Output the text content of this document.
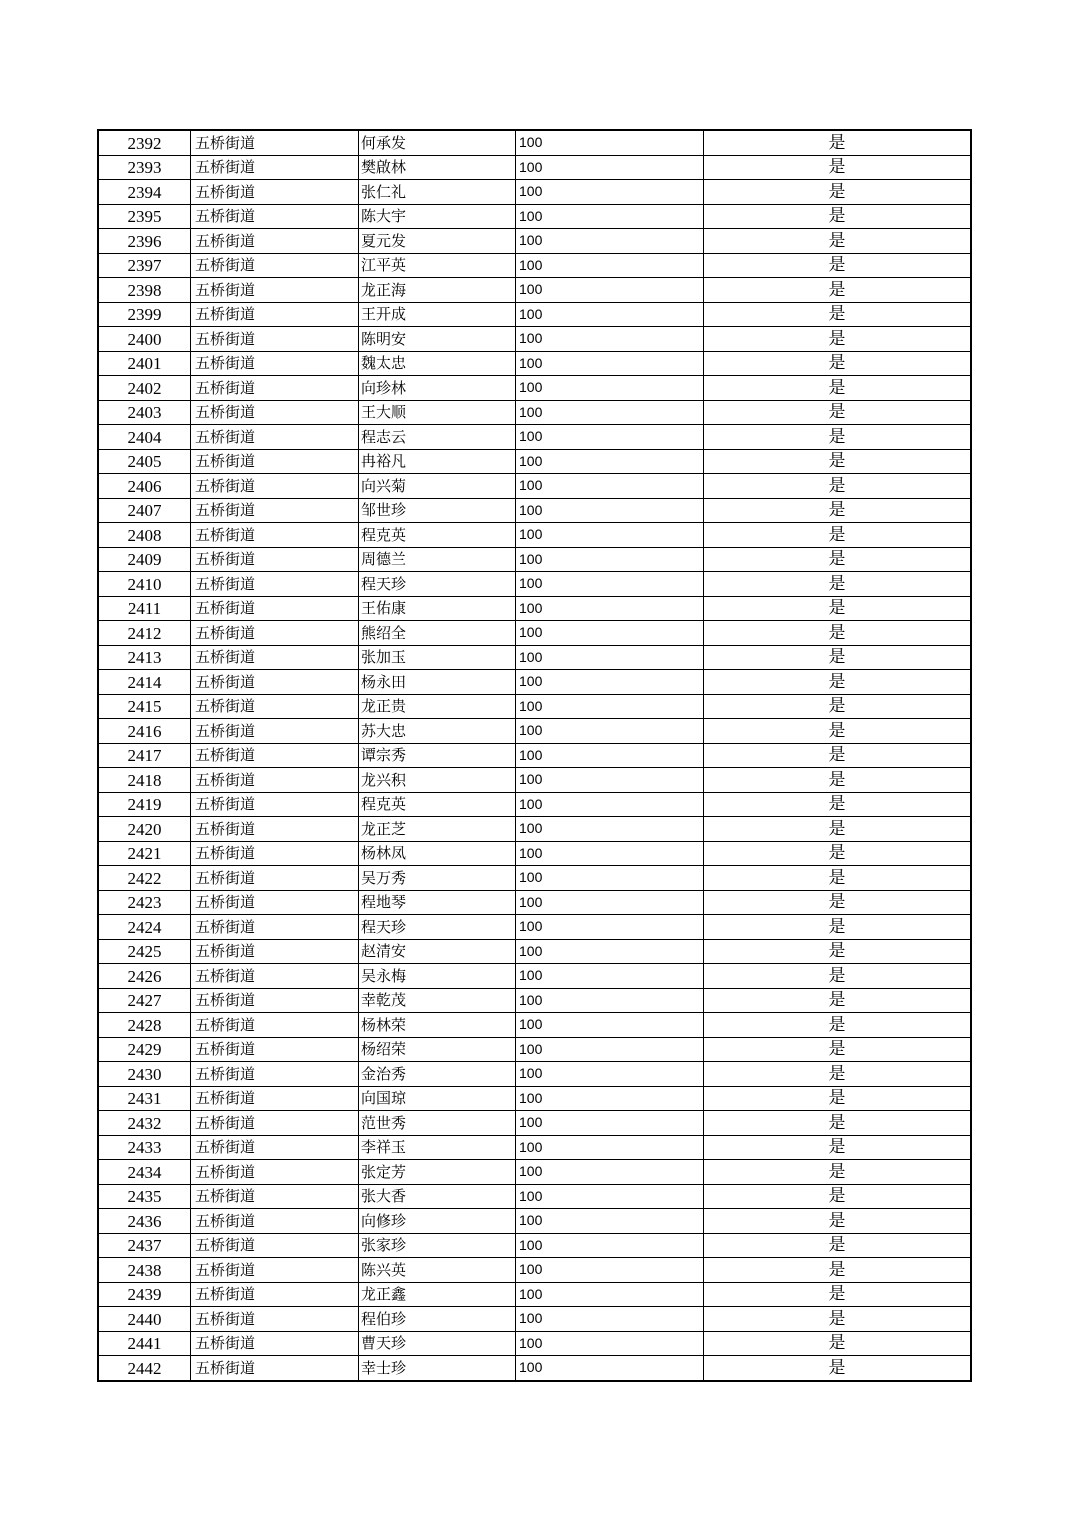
2392	五桥街道	何承发	100	是
2393	五桥街道	樊啟林	100	是
2394	五桥街道	张仁礼	100	是
2395	五桥街道	陈大宇	100	是
2396	五桥街道	夏元发	100	是
2397	五桥街道	江平英	100	是
2398	五桥街道	龙正海	100	是
2399	五桥街道	王开成	100	是
2400	五桥街道	陈明安	100	是
2401	五桥街道	魏太忠	100	是
2402	五桥街道	向珍林	100	是
2403	五桥街道	王大顺	100	是
2404	五桥街道	程志云	100	是
2405	五桥街道	冉裕凡	100	是
2406	五桥街道	向兴菊	100	是
2407	五桥街道	邹世珍	100	是
2408	五桥街道	程克英	100	是
2409	五桥街道	周德兰	100	是
2410	五桥街道	程天珍	100	是
2411	五桥街道	王佑康	100	是
2412	五桥街道	熊绍全	100	是
2413	五桥街道	张加玉	100	是
2414	五桥街道	杨永田	100	是
2415	五桥街道	龙正贵	100	是
2416	五桥街道	苏大忠	100	是
2417	五桥街道	谭宗秀	100	是
2418	五桥街道	龙兴积	100	是
2419	五桥街道	程克英	100	是
2420	五桥街道	龙正芝	100	是
2421	五桥街道	杨林凤	100	是
2422	五桥街道	吴万秀	100	是
2423	五桥街道	程地琴	100	是
2424	五桥街道	程天珍	100	是
2425	五桥街道	赵清安	100	是
2426	五桥街道	吴永梅	100	是
2427	五桥街道	幸乾茂	100	是
2428	五桥街道	杨林荣	100	是
2429	五桥街道	杨绍荣	100	是
2430	五桥街道	金治秀	100	是
2431	五桥街道	向国琼	100	是
2432	五桥街道	范世秀	100	是
2433	五桥街道	李祥玉	100	是
2434	五桥街道	张定芳	100	是
2435	五桥街道	张大香	100	是
2436	五桥街道	向修珍	100	是
2437	五桥街道	张家珍	100	是
2438	五桥街道	陈兴英	100	是
2439	五桥街道	龙正鑫	100	是
2440	五桥街道	程伯珍	100	是
2441	五桥街道	曹天珍	100	是
2442	五桥街道	幸士珍	100	是
